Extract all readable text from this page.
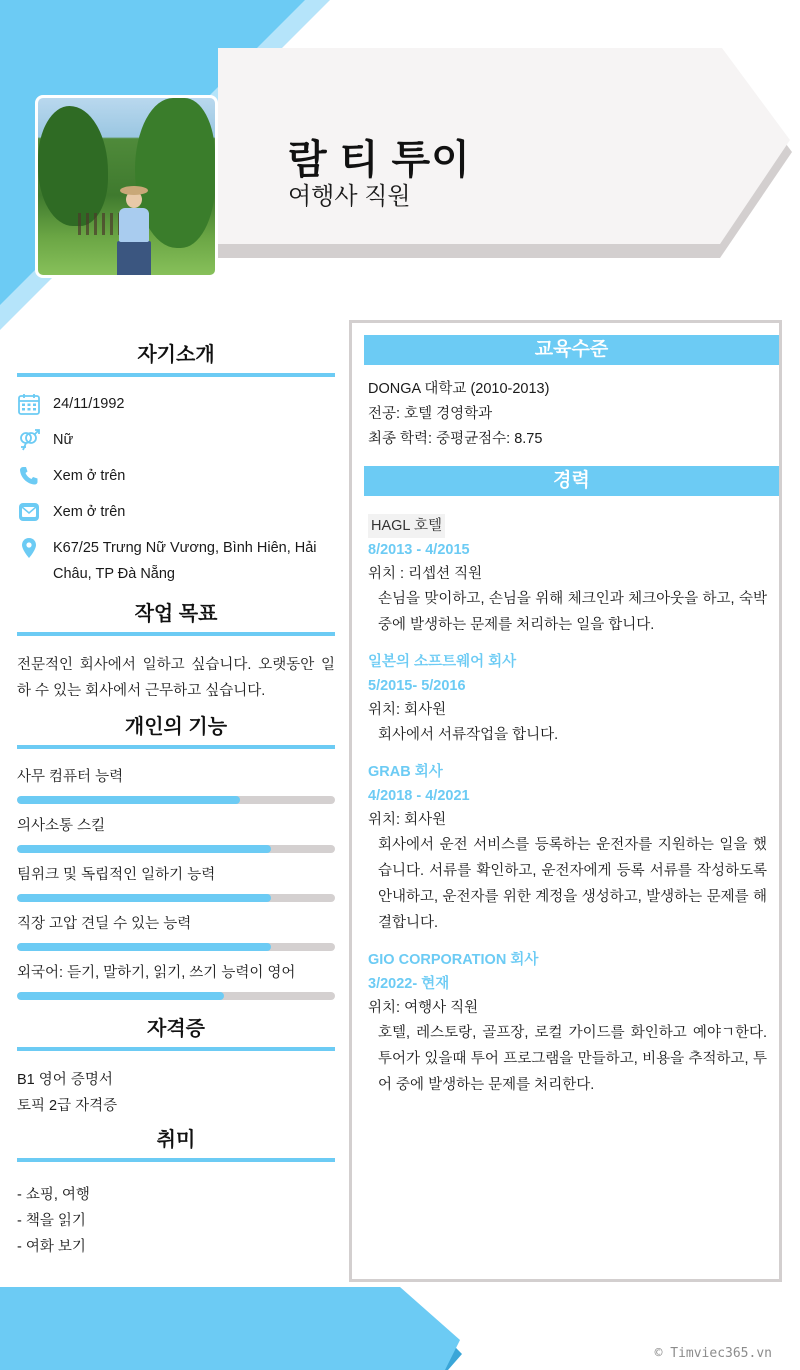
람 티 투이
여행사 직원
자기소개
24/11/1992
Nữ
Xem ở trên
Xem ở trên
K67/25 Trưng Nữ Vương, Bình Hiên, Hải Châu, TP Đà Nẵng
작업 목표

전문적인 회사에서 일하고 싶습니다. 오랫동안 일하 수 있는 회사에서 근무하고 싶습니다.

개인의 기능
사무 컴퓨터 능력
의사소통 스킬
팀위크 및 독립적인 일하기 능력
직장 고압 견딜 수 있는 능력
외국어: 듣기, 말하기, 읽기, 쓰기 능력이 영어
자격증
B1 영어 증명서
토픽 2급 자격증
취미
- 쇼핑, 여행
- 책을 읽기
- 여화 보기
교육수준

DONGA 대학교 (2010-2013)

전공: 호텔 경영학과

최종 학력: 중평균점수: 8.75

경력
HAGL 호텔
8/2013 - 4/2015
위치 : 리셉션 직원
손님을 맞이하고, 손님을 위해 체크인과 체크아웃을 하고, 숙박 중에 발생하는 문제를 처리하는 일을 합니다.
일본의 소프트웨어 회사
5/2015- 5/2016
위치: 회사원
회사에서 서류작업을 합니다.
GRAB 회사
4/2018 - 4/2021
위치: 회사원
회사에서 운전 서비스를 등록하는 운전자를 지원하는 일을 했습니다. 서류를 확인하고, 운전자에게 등록 서류를 작성하도록 안내하고, 운전자를 위한 계정을 생성하고, 발생하는 문제를 해결합니다.
GIO CORPORATION 회사
3/2022- 현재
위치: 여행사 직원
호텔, 레스토랑, 골프장, 로컬 가이드를 화인하고 예야ㄱ한다. 투어가 있을때 투어 프로그램을 만들하고, 비용을 추적하고, 투어 중에 발생하는 문제를 처리한다.
© Timviec365.vn
